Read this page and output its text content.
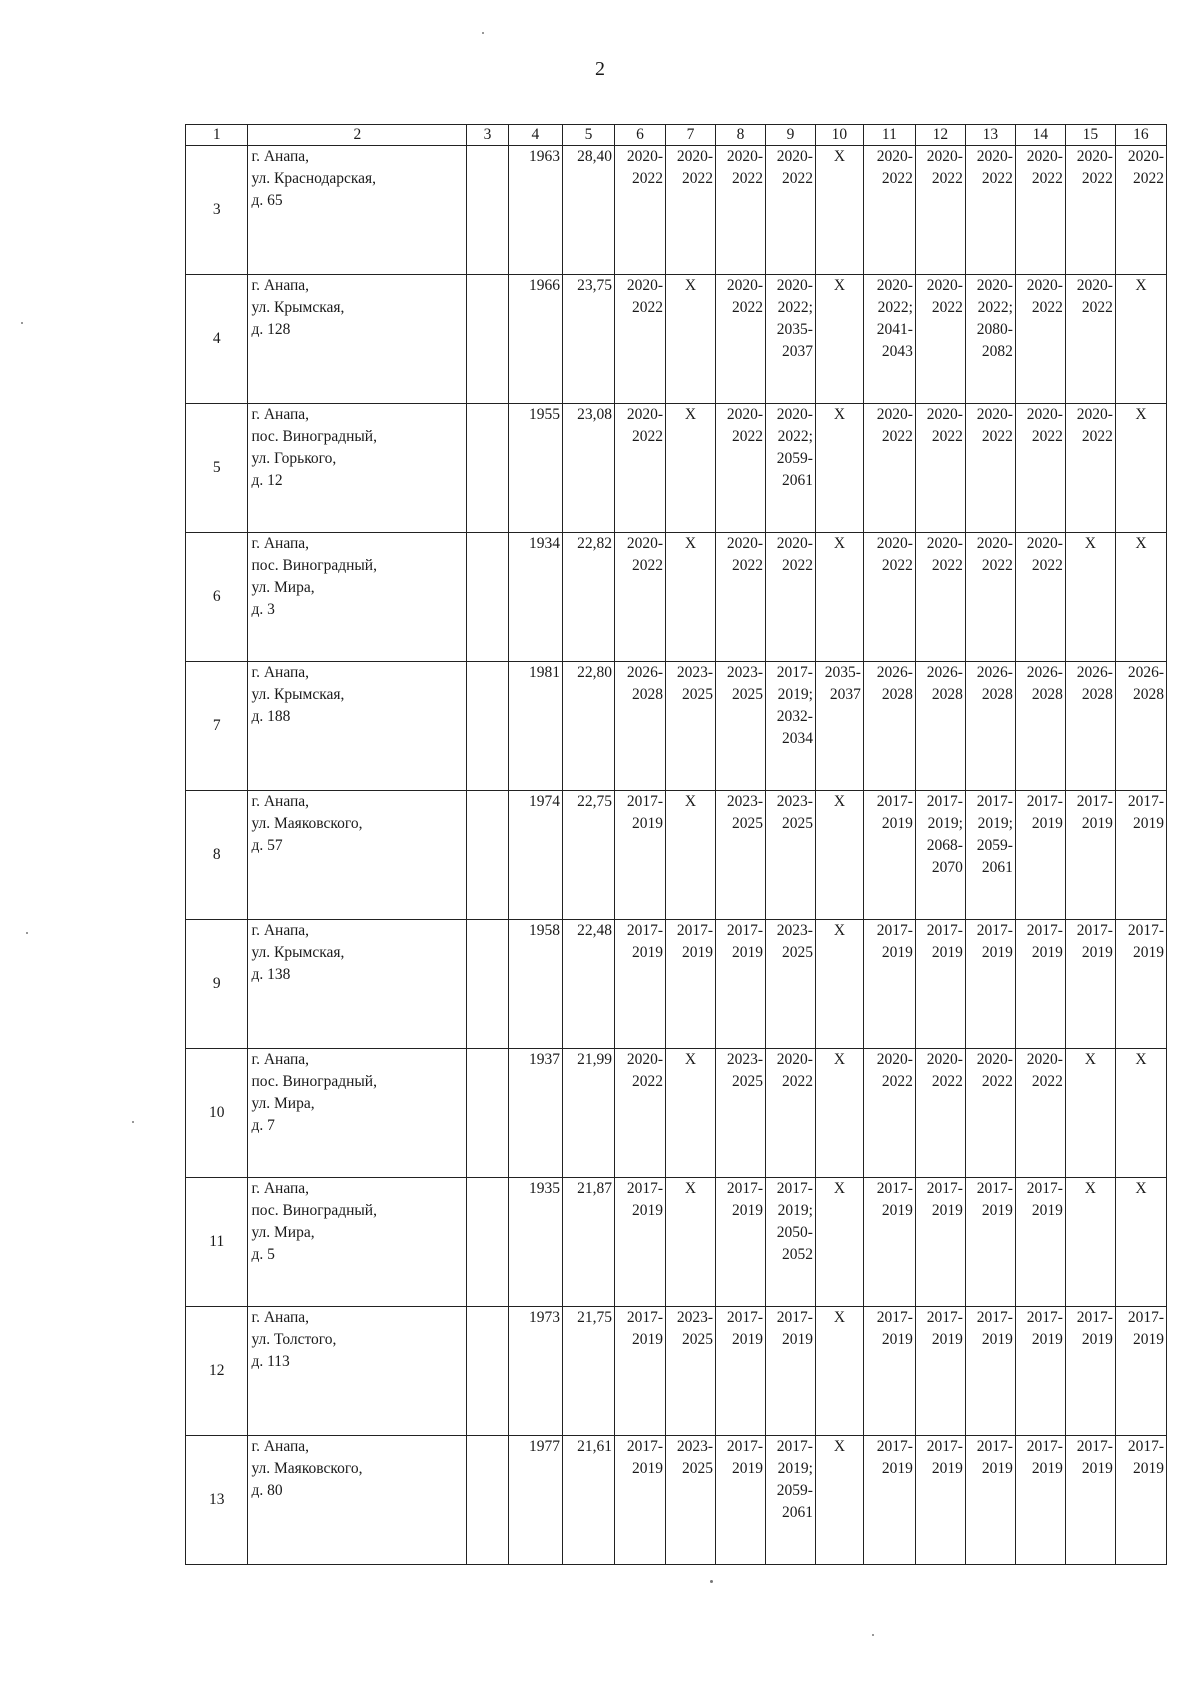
2
1	2	3	4	5	6	7	8	9	10	11	12	13	14	15	16
3	г. Анапа,
ул. Краснодарская,
д. 65		1963	28,40	2020-
2022	2020-
2022	2020-
2022	2020-
2022	X	2020-
2022	2020-
2022	2020-
2022	2020-
2022	2020-
2022	2020-
2022

4	г. Анапа,
ул. Крымская,
д. 128		1966	23,75	2020-
2022	X	2020-
2022	2020-
2022;
2035-
2037	X	2020-
2022;
2041-
2043	2020-
2022	2020-
2022;
2080-
2082	2020-
2022	2020-
2022	X

5	г. Анапа,
пос. Виноградный,
ул. Горького,
д. 12		1955	23,08	2020-
2022	X	2020-
2022	2020-
2022;
2059-
2061	X	2020-
2022	2020-
2022	2020-
2022	2020-
2022	2020-
2022	X

6	г. Анапа,
пос. Виноградный,
ул. Мира,
д. 3		1934	22,82	2020-
2022	X	2020-
2022	2020-
2022	X	2020-
2022	2020-
2022	2020-
2022	2020-
2022	X	X

7	г. Анапа,
ул. Крымская,
д. 188		1981	22,80	2026-
2028	2023-
2025	2023-
2025	2017-
2019;
2032-
2034	2035-
2037	2026-
2028	2026-
2028	2026-
2028	2026-
2028	2026-
2028	2026-
2028

8	г. Анапа,
ул. Маяковского,
д. 57		1974	22,75	2017-
2019	X	2023-
2025	2023-
2025	X	2017-
2019	2017-
2019;
2068-
2070	2017-
2019;
2059-
2061	2017-
2019	2017-
2019	2017-
2019

9	г. Анапа,
ул. Крымская,
д. 138		1958	22,48	2017-
2019	2017-
2019	2017-
2019	2023-
2025	X	2017-
2019	2017-
2019	2017-
2019	2017-
2019	2017-
2019	2017-
2019

10	г. Анапа,
пос. Виноградный,
ул. Мира,
д. 7		1937	21,99	2020-
2022	X	2023-
2025	2020-
2022	X	2020-
2022	2020-
2022	2020-
2022	2020-
2022	X	X

11	г. Анапа,
пос. Виноградный,
ул. Мира,
д. 5		1935	21,87	2017-
2019	X	2017-
2019	2017-
2019;
2050-
2052	X	2017-
2019	2017-
2019	2017-
2019	2017-
2019	X	X

12	г. Анапа,
ул. Толстого,
д. 113		1973	21,75	2017-
2019	2023-
2025	2017-
2019	2017-
2019	X	2017-
2019	2017-
2019	2017-
2019	2017-
2019	2017-
2019	2017-
2019

13	г. Анапа,
ул. Маяковского,
д. 80		1977	21,61	2017-
2019	2023-
2025	2017-
2019	2017-
2019;
2059-
2061	X	2017-
2019	2017-
2019	2017-
2019	2017-
2019	2017-
2019	2017-
2019
